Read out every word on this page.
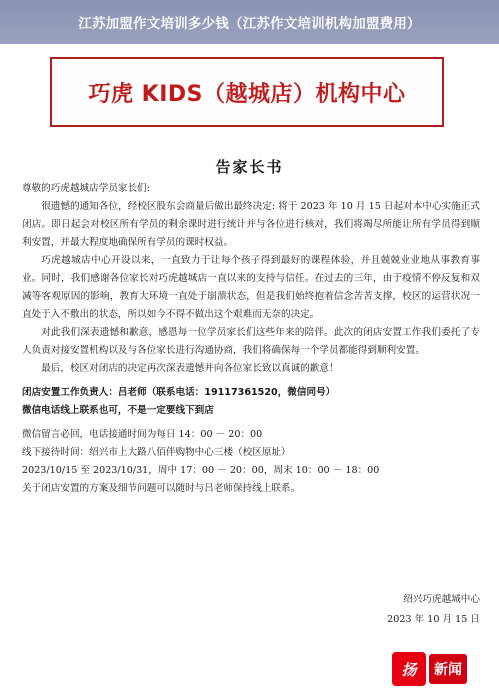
江苏加盟作文培训多少钱（江苏作文培训机构加盟费用）
巧虎 KIDS（越城店）机构中心
告家长书

尊敬的巧虎越城店学员家长们:

很遗憾的通知各位，经校区股东会商量后做出最终决定: 将于 2023 年 10 月 15 日起对本中心实施正式闭店。即日起会对校区所有学员的剩余课时进行统计并与各位进行核对，我们将竭尽所能让所有学员得到顺利安置，并最大程度地确保所有学员的课时权益。

巧虎越城店中心开设以来，一直致力于让每个孩子得到最好的课程体验，并且兢兢业业地从事教育事业。同时，我们感谢各位家长对巧虎越城店一直以来的支持与信任。在过去的三年，由于疫情不停反复和双减等客观原因的影响，教育大环境一直处于崩溃状态，但是我们始终抱着信念苦苦支撑，校区的运营状况一直处于入不敷出的状态，所以如今不得不做出这个艰难而无奈的决定。

对此我们深表遗憾和歉意，感恩每一位学员家长们这些年来的陪伴。此次的闭店安置工作我们委托了专人负责对接安置机构以及与各位家长进行沟通协商，我们将确保每一个学员都能得到顺利安置。

最后，校区对闭店的决定再次深表遗憾并向各位家长致以真诚的歉意！

闭店安置工作负责人：吕老师（联系电话：19117361520，微信同号）

微信电话线上联系也可，不是一定要线下到店

微信留言必回，电话接通时间为每日 14：00 － 20：00

线下接待时间：绍兴市上大路八佰伴购物中心三楼（校区原址）

2023/10/15 至 2023/10/31，周中 17：00 － 20：00，周末 10：00 － 18：00

关于闭店安置的方案及细节问题可以随时与吕老师保持线上联系。

绍兴巧虎越城中心
2023 年 10 月 15 日
扬	新闻
